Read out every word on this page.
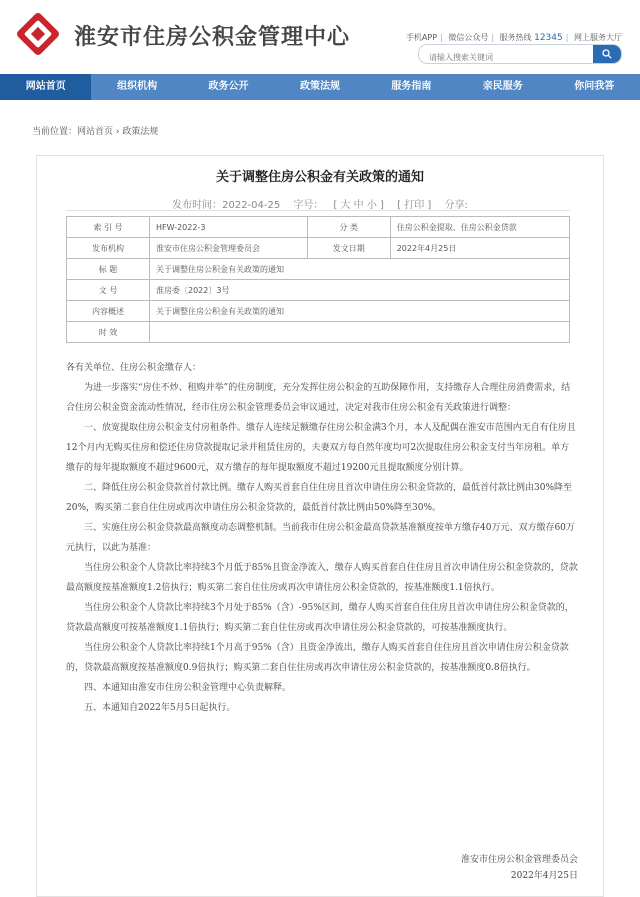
淮安市住房公积金管理中心	手机APP | 微信公众号 | 服务热线 12345 | 网上服务大厅
请输入搜索关键词
网站首页	组织机构	政务公开	政策法规	服务指南	亲民服务	你问我答
当前位置：网站首页 › 政策法规
关于调整住房公积金有关政策的通知
发布时间：2022-04-25 字号： [ 大 中 小 ] [ 打印 ] 分享:
索 引 号	HFW-2022-3	分 类	住房公积金提取、住房公积金贷款
发布机构	淮安市住房公积金管理委员会	发文日期	2022年4月25日
标 题	关于调整住房公积金有关政策的通知		
文 号	淮房委〔2022〕3号		
内容概述	关于调整住房公积金有关政策的通知		
时 效			

各有关单位、住房公积金缴存人：

为进一步落实“房住不炒、租购并举”的住房制度，充分发挥住房公积金的互助保障作用，支持缴存人合理住房消费需求，结合住房公积金资金流动性情况，经市住房公积金管理委员会审议通过，决定对我市住房公积金有关政策进行调整：

一、放宽提取住房公积金支付房租条件。缴存人连续足额缴存住房公积金满3个月，本人及配偶在淮安市范围内无自有住房且12个月内无购买住房和偿还住房贷款提取记录并租赁住房的，夫妻双方每自然年度均可2次提取住房公积金支付当年房租。单方缴存的每年提取额度不超过9600元，双方缴存的每年提取额度不超过19200元且提取额度分别计算。

二、降低住房公积金贷款首付款比例。缴存人购买首套自住住房且首次申请住房公积金贷款的，最低首付款比例由30%降至20%，购买第二套自住住房或再次申请住房公积金贷款的，最低首付款比例由50%降至30%。

三、实施住房公积金贷款最高额度动态调整机制。当前我市住房公积金最高贷款基准额度按单方缴存40万元、双方缴存60万元执行，以此为基准：

当住房公积金个人贷款比率持续3个月低于85%且资金净流入，缴存人购买首套自住住房且首次申请住房公积金贷款的，贷款最高额度按基准额度1.2倍执行；购买第二套自住住房或再次申请住房公积金贷款的，按基准额度1.1倍执行。

当住房公积金个人贷款比率持续3个月处于85%（含）-95%区间，缴存人购买首套自住住房且首次申请住房公积金贷款的，贷款最高额度可按基准额度1.1倍执行；购买第二套自住住房或再次申请住房公积金贷款的，可按基准额度执行。

当住房公积金个人贷款比率持续1个月高于95%（含）且资金净流出，缴存人购买首套自住住房且首次申请住房公积金贷款的，贷款最高额度按基准额度0.9倍执行；购买第二套自住住房或再次申请住房公积金贷款的，按基准额度0.8倍执行。

四、本通知由淮安市住房公积金管理中心负责解释。

五、本通知自2022年5月5日起执行。

淮安市住房公积金管理委员会
2022年4月25日
